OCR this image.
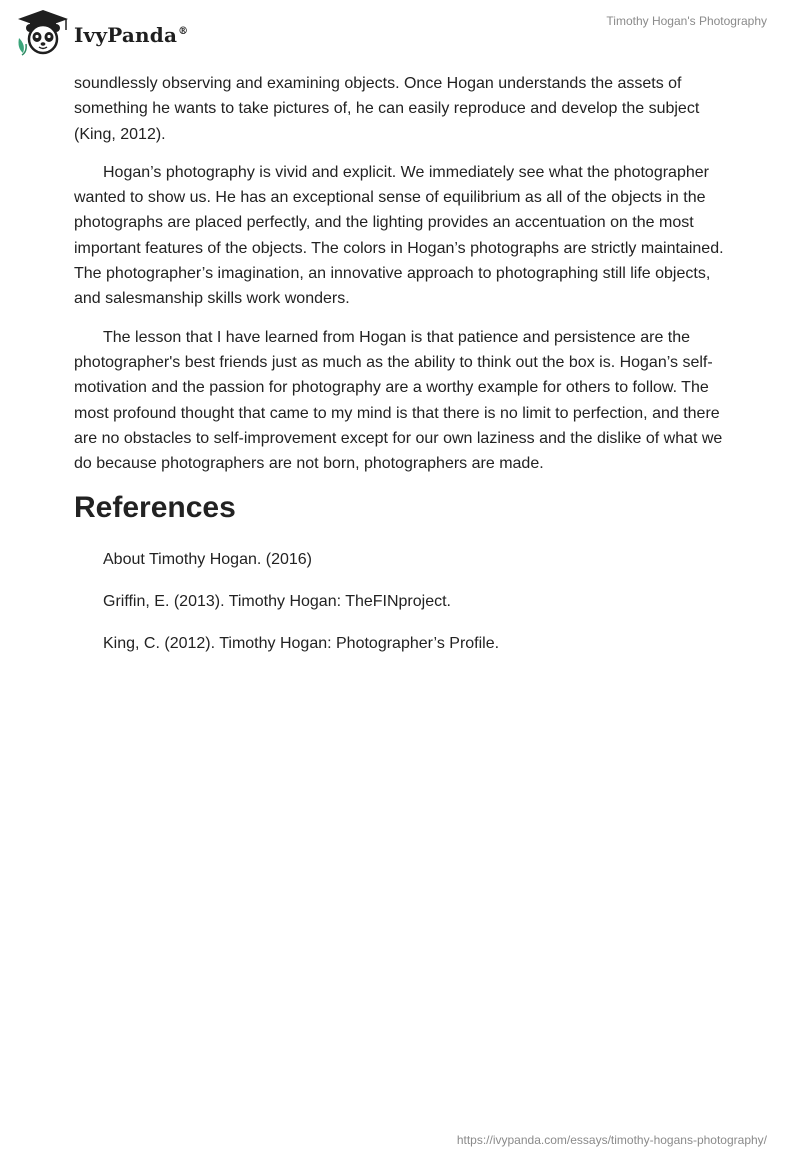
IvyPanda®
Timothy Hogan's Photography

soundlessly observing and examining objects. Once Hogan understands the assets of something he wants to take pictures of, he can easily reproduce and develop the subject (King, 2012).

Hogan’s photography is vivid and explicit. We immediately see what the photographer wanted to show us. He has an exceptional sense of equilibrium as all of the objects in the photographs are placed perfectly, and the lighting provides an accentuation on the most important features of the objects. The colors in Hogan’s photographs are strictly maintained. The photographer’s imagination, an innovative approach to photographing still life objects, and salesmanship skills work wonders.

The lesson that I have learned from Hogan is that patience and persistence are the photographer's best friends just as much as the ability to think out the box is. Hogan’s self-motivation and the passion for photography are a worthy example for others to follow. The most profound thought that came to my mind is that there is no limit to perfection, and there are no obstacles to self-improvement except for our own laziness and the dislike of what we do because photographers are not born, photographers are made.

References
About Timothy Hogan. (2016)
Griffin, E. (2013). Timothy Hogan: TheFINproject.
King, C. (2012). Timothy Hogan: Photographer’s Profile.
https://ivypanda.com/essays/timothy-hogans-photography/
